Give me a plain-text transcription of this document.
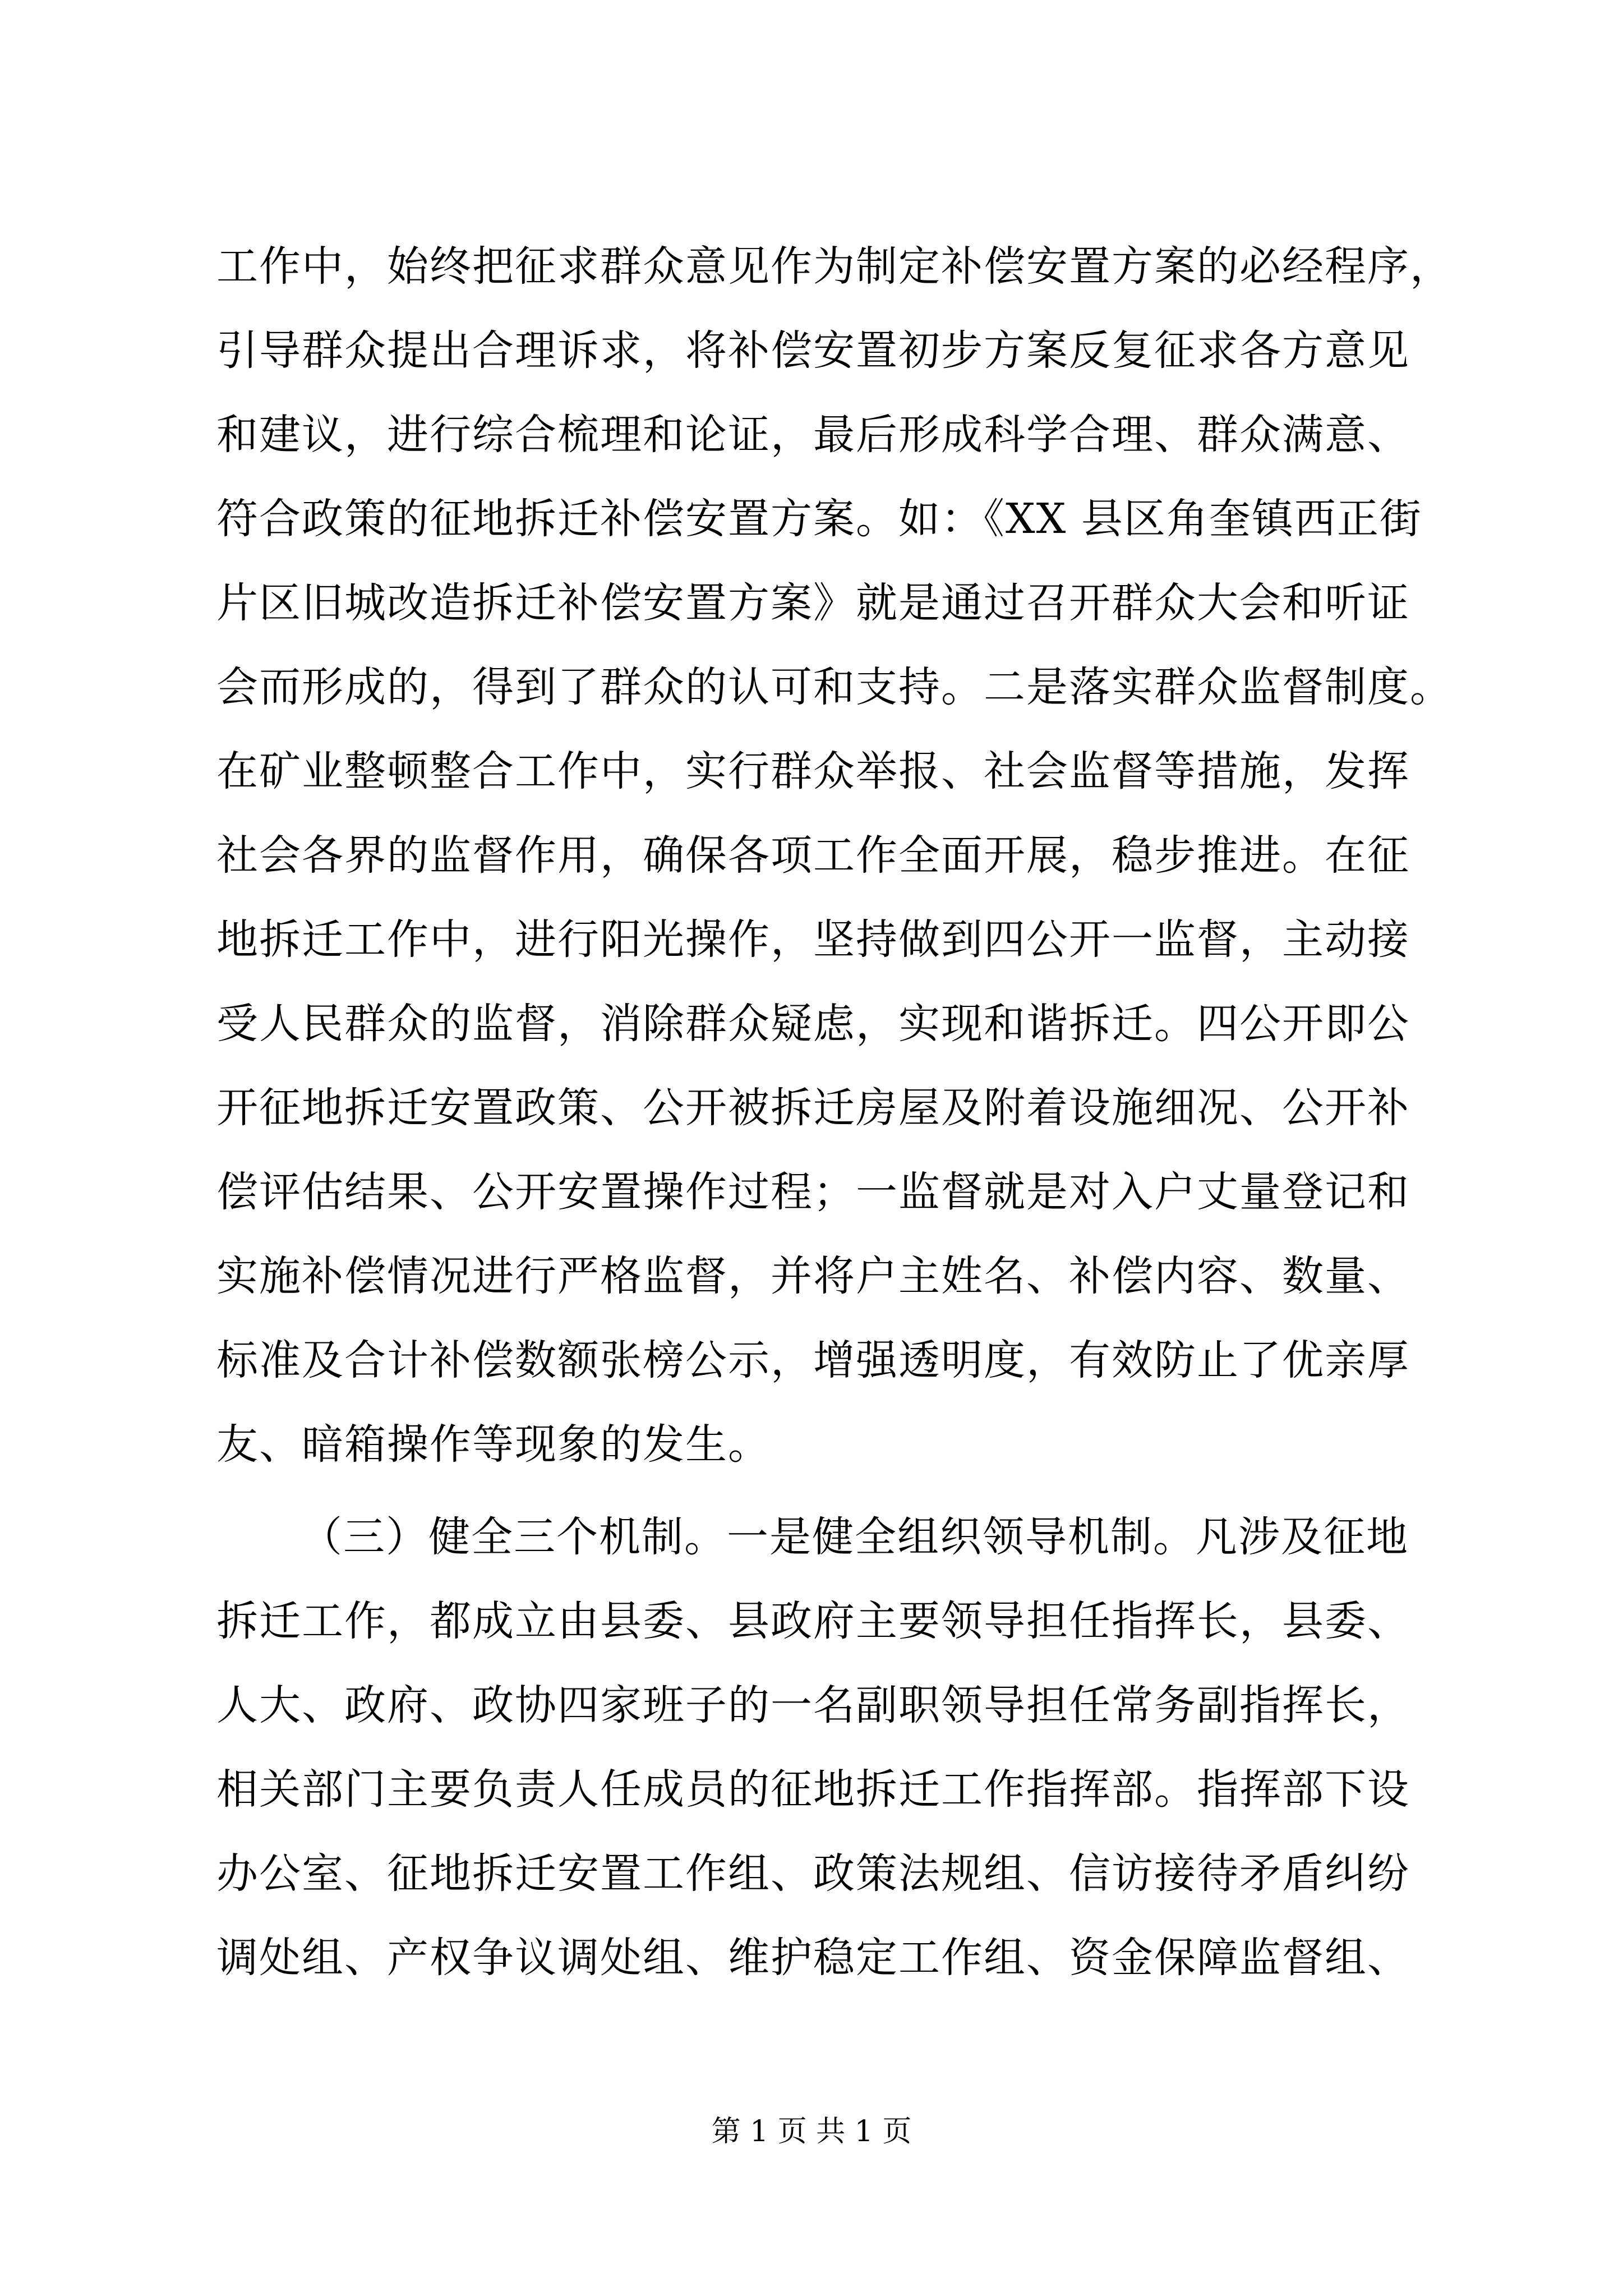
工作中，始终把征求群众意见作为制定补偿安置方案的必经程序，
引导群众提出合理诉求，将补偿安置初步方案反复征求各方意见
和建议，进行综合梳理和论证，最后形成科学合理、群众满意、
符合政策的征地拆迁补偿安置方案。如：《XX 县区角奎镇西正街
片区旧城改造拆迁补偿安置方案》就是通过召开群众大会和听证
会而形成的，得到了群众的认可和支持。二是落实群众监督制度。
在矿业整顿整合工作中，实行群众举报、社会监督等措施，发挥
社会各界的监督作用，确保各项工作全面开展，稳步推进。在征
地拆迁工作中，进行阳光操作，坚持做到四公开一监督，主动接
受人民群众的监督，消除群众疑虑，实现和谐拆迁。四公开即公
开征地拆迁安置政策、公开被拆迁房屋及附着设施细况、公开补
偿评估结果、公开安置操作过程；一监督就是对入户丈量登记和
实施补偿情况进行严格监督，并将户主姓名、补偿内容、数量、
标准及合计补偿数额张榜公示，增强透明度，有效防止了优亲厚
友、暗箱操作等现象的发生。
（三）健全三个机制。一是健全组织领导机制。凡涉及征地
拆迁工作，都成立由县委、县政府主要领导担任指挥长，县委、
人大、政府、政协四家班子的一名副职领导担任常务副指挥长，
相关部门主要负责人任成员的征地拆迁工作指挥部。指挥部下设
办公室、征地拆迁安置工作组、政策法规组、信访接待矛盾纠纷
调处组、产权争议调处组、维护稳定工作组、资金保障监督组、
第 1 页 共 1 页
